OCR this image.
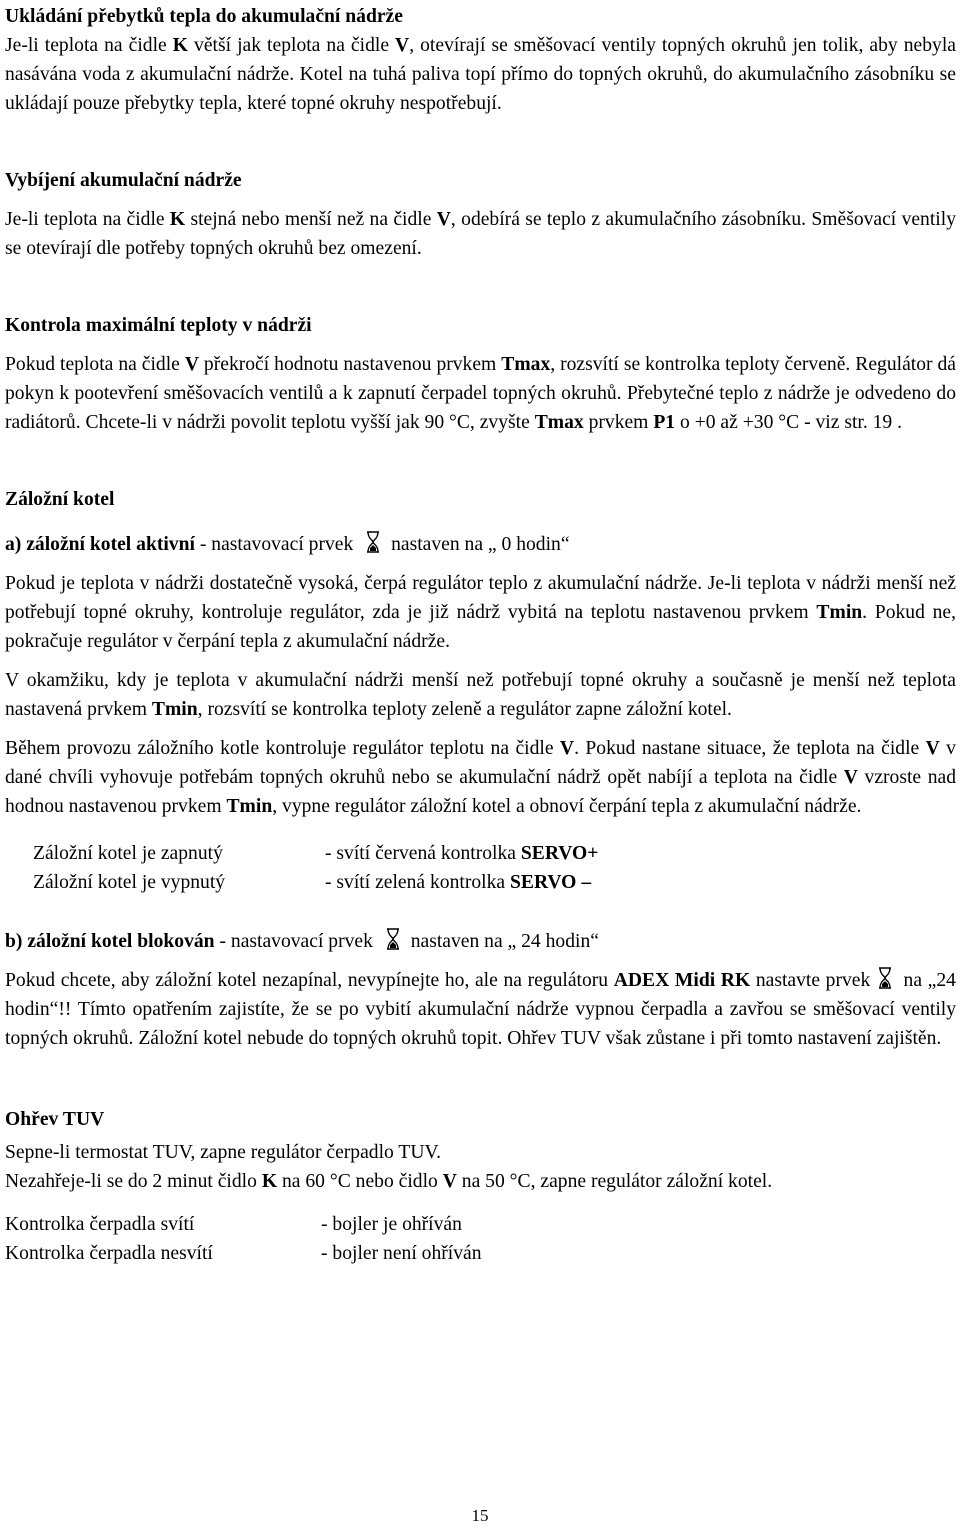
Ukládání přebytků tepla do akumulační nádrže

Je-li teplota na čidle K větší jak teplota na čidle V, otevírají se směšovací ventily topných okruhů jen tolik, aby nebyla nasávána voda z akumulační nádrže. Kotel na tuhá paliva topí přímo do topných okruhů, do akumulačního zásobníku se ukládají pouze přebytky tepla, které topné okruhy nespotřebují.

Vybíjení akumulační nádrže

Je-li teplota na čidle K stejná nebo menší než na čidle V, odebírá se teplo z akumulačního zásobníku. Směšovací ventily se otevírají dle potřeby topných okruhů bez omezení.

Kontrola maximální teploty v nádrži

Pokud teplota na čidle V překročí hodnotu nastavenou prvkem Tmax, rozsvítí se kontrolka teploty červeně. Regulátor dá pokyn k pootevření směšovacích ventilů a k zapnutí čerpadel topných okruhů. Přebytečné teplo z nádrže je odvedeno do radiátorů. Chcete-li v nádrži povolit teplotu vyšší jak 90 °C, zvyšte Tmax prvkem P1 o +0 až +30 °C - viz str. 19 .

Záložní kotel

a) záložní kotel aktivní - nastavovací prvek
nastaven na „ 0 hodin“

Pokud je teplota v nádrži dostatečně vysoká, čerpá regulátor teplo z akumulační nádrže. Je-li teplota v nádrži menší než potřebují topné okruhy, kontroluje regulátor, zda je již nádrž vybitá na teplotu nastavenou prvkem Tmin. Pokud ne, pokračuje regulátor v čerpání tepla z akumulační nádrže.

V okamžiku, kdy je teplota v akumulační nádrži menší než potřebují topné okruhy a současně je menší než teplota nastavená prvkem Tmin, rozsvítí se kontrolka teploty zeleně a regulátor zapne záložní kotel.

Během provozu záložního kotle kontroluje regulátor teplotu na čidle V. Pokud nastane situace, že teplota na čidle V v dané chvíli vyhovuje potřebám topných okruhů nebo se akumulační nádrž opět nabíjí a teplota na čidle V vzroste nad hodnou nastavenou prvkem Tmin, vypne regulátor záložní kotel a obnoví čerpání tepla z akumulační nádrže.

Záložní kotel je zapnutý	- svítí červená kontrolka SERVO+
Záložní kotel je vypnutý	- svítí zelená kontrolka SERVO –

b) záložní kotel blokován - nastavovací prvek
nastaven na „ 24 hodin“

Pokud chcete, aby záložní kotel nezapínal, nevypínejte ho, ale na regulátoru ADEX Midi RK nastavte prvek
na „24 hodin“!! Tímto opatřením zajistíte, že se po vybití akumulační nádrže vypnou čerpadla a zavřou se směšovací ventily topných okruhů. Záložní kotel nebude do topných okruhů topit. Ohřev TUV však zůstane i při tomto nastavení zajištěn.

Ohřev TUV

Sepne-li termostat TUV, zapne regulátor čerpadlo TUV.

Nezahřeje-li se do 2 minut čidlo K na 60 °C nebo čidlo V na 50 °C, zapne regulátor záložní kotel.

Kontrolka čerpadla svítí	- bojler je ohříván
Kontrolka čerpadla nesvítí	- bojler není ohříván
15
